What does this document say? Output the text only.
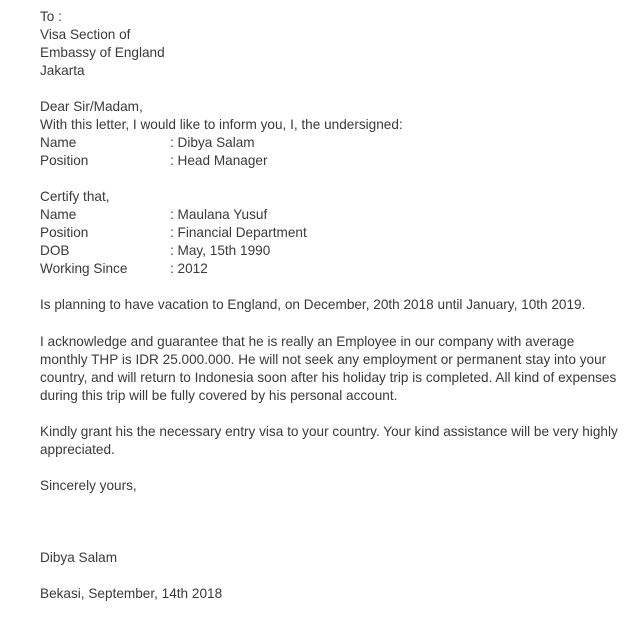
To :
Visa Section of
Embassy of England
Jakarta
Dear Sir/Madam,
With this letter, I would like to inform you, I, the undersigned:
Name	: Dibya Salam
Position	: Head Manager
Certify that,
Name	: Maulana Yusuf
Position	: Financial Department
DOB	: May, 15th 1990
Working Since	: 2012
Is planning to have vacation to England, on December, 20th 2018 until January, 10th 2019.
I acknowledge and guarantee that he is really an Employee in our company with average
monthly THP is IDR 25.000.000. He will not seek any employment or permanent stay into your
country, and will return to Indonesia soon after his holiday trip is completed. All kind of expenses
during this trip will be fully covered by his personal account.
Kindly grant his the necessary entry visa to your country. Your kind assistance will be very highly
appreciated.
Sincerely yours,
Dibya Salam
Bekasi, September, 14th 2018
